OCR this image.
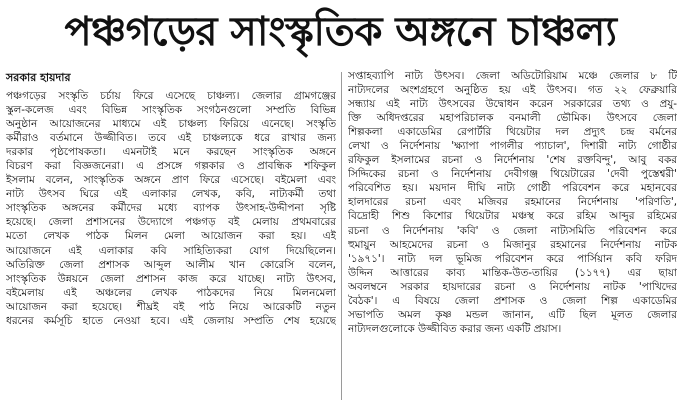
পঞ্চগড়ের সাংস্কৃতিক অঙ্গনে চাঞ্চল্য
সরকার হায়দার
পঞ্চগড়ের সংস্কৃতি চর্চায় ফিরে এসেছে চাঞ্চল্য। জেলার গ্রামগঞ্জের
স্কুল-কলেজ এবং বিভিন্ন সাংস্কৃতিক সংগঠনগুলো সম্প্রতি বিভিন্ন
অনুষ্ঠান আয়োজনের মাধ্যমে এই চাঞ্চল্য ফিরিয়ে এনেছে। সংস্কৃতি
কর্মীরাও বর্তমানে উজ্জীবিত। তবে এই চাঞ্চল্যকে ধরে রাখার জন্য
দরকার পৃষ্ঠপোষকতা। এমনটাই মনে করছেন সাংস্কৃতিক অঙ্গনে
বিচরণ করা বিজ্ঞজনেরা। এ প্রসঙ্গে গল্পকার ও প্রাবন্ধিক শফিকুল
ইসলাম বলেন, সাংস্কৃতিক অঙ্গনে প্রাণ ফিরে এসেছে। বইমেলা এবং
নাট্য উৎসব ঘিরে এই এলাকার লেখক, কবি, নাট্যকর্মী তথা
সাংস্কৃতিক অঙ্গনের কর্মীদের মধ্যে ব্যাপক উৎসাহ-উদ্দীপনা সৃষ্টি
হয়েছে। জেলা প্রশাসনের উদ্যোগে পঞ্চগড় বই মেলায় প্রথমবারের
মতো লেখক পাঠক মিলন মেলা আয়োজন করা হয়। এই
আয়োজনে এই এলাকার কবি সাহিত্যিকরা যোগ দিয়েছিলেন।
অতিরিক্ত জেলা প্রশাসক আব্দুল আলীম খান কোরেসি বলেন,
সাংস্কৃতিক উন্নয়নে জেলা প্রশাসন কাজ করে যাচ্ছে। নাট্য উৎসব,
বইমেলায় এই অঞ্চলের লেখক পাঠকদের নিয়ে মিলনমেলা
আয়োজন করা হয়েছে। শীঘ্রই বই পাঠ নিয়ে আরেকটি নতুন
ধরনের কর্মসূচি হাতে নেওয়া হবে। এই জেলায় সম্প্রতি শেষ হয়েছে
সপ্তাহব্যাপি নাট্য উৎসব। জেলা অডিটোরিয়াম মঞ্চে জেলার ৮ টি
নাট্যদলের অংশগ্রহণে অনুষ্ঠিত হয় এই উৎসব। গত ২২ ফেব্রুয়ারি
সন্ধ্যায় এই নাট্য উৎসবের উদ্বোধন করেন সরকারের তথ্য ও প্রযু-
ক্তি অধিদপ্তরের মহাপরিচালক বনমালী ভৌমিক। উৎসবে জেলা
শিল্পকলা একাডেমির রেপার্টরি থিয়েটার দল প্রদ্যুৎ চন্দ্র বর্মনের
লেখা ও নির্দেশনায় 'ক্ষ্যাপা পাগলীর প্যাচাল', দিশারী নাট্য গোষ্ঠীর
রফিকুল ইসলামের রচনা ও নির্দেশনায় 'শেষ রক্তবিন্দু', আবু বকর
সিদ্দিকের রচনা ও নির্দেশনায় দেবীগঞ্জ থিয়েটারের 'দেবী পুস্তেশ্বরী'
পরিবেশিত হয়। ময়দান দীঘি নাট্য গোষ্ঠী পরিবেশন করে মহানবের
হালদারের রচনা এবং মজিবর রহমানের নির্দেশনায় 'পরিণতি',
বিদ্রোহী শিশু কিশোর থিয়েটার মঞ্চস্থ করে রহিম আব্দুর রহিমের
রচনা ও নির্দেশনায় 'কবি' ও জেলা নাট্যসমিতি পরিবেশন করে
হুমায়ুন আহমেদের রচনা ও মিজানুর রহমানের নির্দেশনায় নাটক
'১৯৭১'। নাট্য দল ভূমিজ পরিবেশন করে পার্সিয়ান কবি ফরিদ
উদ্দিন আত্তারের কাব্য মান্তিক-উত-তায়ির (১১৭৭) এর ছায়া
অবলম্বনে সরকার হায়দারের রচনা ও নির্দেশনায় নাটক 'পাখিদের
বৈঠক'। এ বিষয়ে জেলা প্রশাসক ও জেলা শিল্প একাডেমির
সভাপতি অমল কৃষ্ণ মন্ডল জানান, এটি ছিল মূলত জেলার
নাট্যদলগুলোকে উজ্জীবিত করার জন্য একটি প্রয়াস।
